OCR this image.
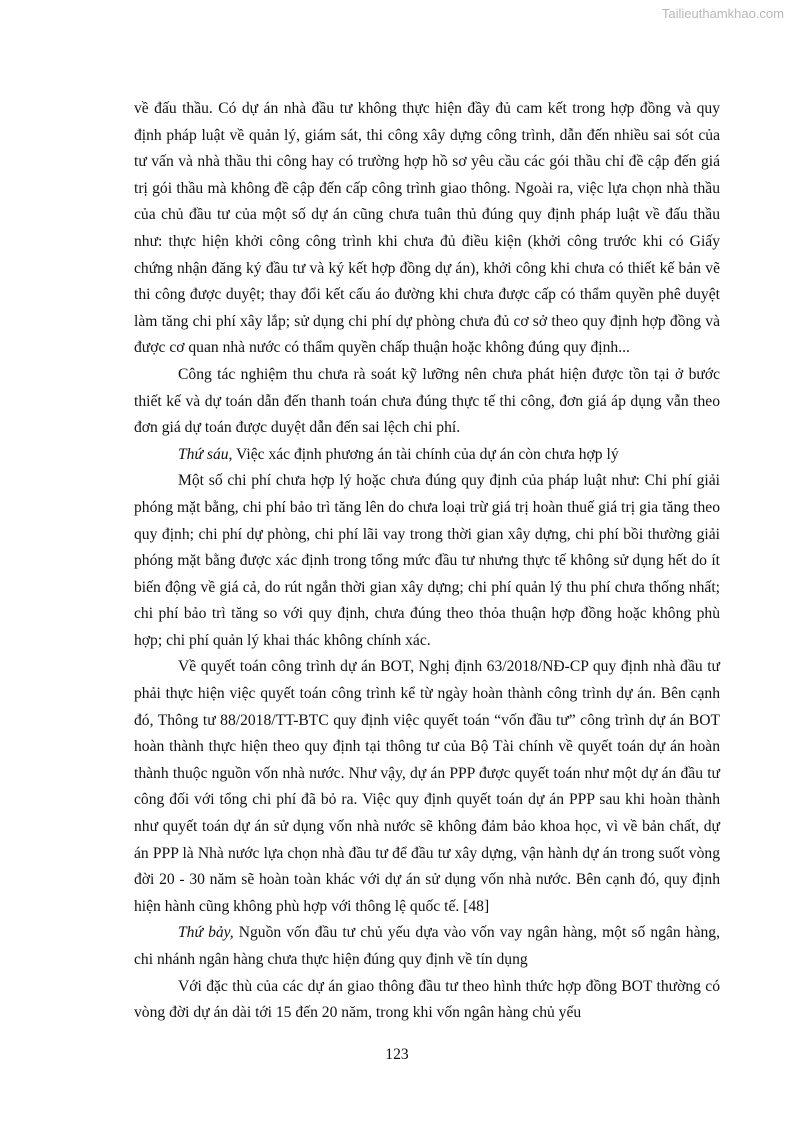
Tailieuthamkhao.com

về đấu thầu. Có dự án nhà đầu tư không thực hiện đầy đủ cam kết trong hợp đồng và quy định pháp luật về quản lý, giám sát, thi công xây dựng công trình, dẫn đến nhiều sai sót của tư vấn và nhà thầu thi công hay có trường hợp hồ sơ yêu cầu các gói thầu chỉ đề cập đến giá trị gói thầu mà không đề cập đến cấp công trình giao thông. Ngoài ra, việc lựa chọn nhà thầu của chủ đầu tư của một số dự án cũng chưa tuân thủ đúng quy định pháp luật về đấu thầu như: thực hiện khởi công công trình khi chưa đủ điều kiện (khởi công trước khi có Giấy chứng nhận đăng ký đầu tư và ký kết hợp đồng dự án), khởi công khi chưa có thiết kế bản vẽ thi công được duyệt; thay đổi kết cấu áo đường khi chưa được cấp có thẩm quyền phê duyệt làm tăng chi phí xây lắp; sử dụng chi phí dự phòng chưa đủ cơ sở theo quy định hợp đồng và được cơ quan nhà nước có thẩm quyền chấp thuận hoặc không đúng quy định...

Công tác nghiệm thu chưa rà soát kỹ lưỡng nên chưa phát hiện được tồn tại ở bước thiết kế và dự toán dẫn đến thanh toán chưa đúng thực tế thi công, đơn giá áp dụng vẫn theo đơn giá dự toán được duyệt dẫn đến sai lệch chi phí.

Thứ sáu, Việc xác định phương án tài chính của dự án còn chưa hợp lý

Một số chi phí chưa hợp lý hoặc chưa đúng quy định của pháp luật như: Chi phí giải phóng mặt bằng, chi phí bảo trì tăng lên do chưa loại trừ giá trị hoàn thuế giá trị gia tăng theo quy định; chi phí dự phòng, chi phí lãi vay trong thời gian xây dựng, chi phí bồi thường giải phóng mặt bằng được xác định trong tổng mức đầu tư nhưng thực tế không sử dụng hết do ít biến động về giá cả, do rút ngắn thời gian xây dựng; chi phí quản lý thu phí chưa thống nhất; chi phí bảo trì tăng so với quy định, chưa đúng theo thỏa thuận hợp đồng hoặc không phù hợp; chi phí quản lý khai thác không chính xác.

Về quyết toán công trình dự án BOT, Nghị định 63/2018/NĐ-CP quy định nhà đầu tư phải thực hiện việc quyết toán công trình kể từ ngày hoàn thành công trình dự án. Bên cạnh đó, Thông tư 88/2018/TT-BTC quy định việc quyết toán “vốn đầu tư” công trình dự án BOT hoàn thành thực hiện theo quy định tại thông tư của Bộ Tài chính về quyết toán dự án hoàn thành thuộc nguồn vốn nhà nước. Như vậy, dự án PPP được quyết toán như một dự án đầu tư công đối với tổng chi phí đã bỏ ra. Việc quy định quyết toán dự án PPP sau khi hoàn thành như quyết toán dự án sử dụng vốn nhà nước sẽ không đảm bảo khoa học, vì về bản chất, dự án PPP là Nhà nước lựa chọn nhà đầu tư để đầu tư xây dựng, vận hành dự án trong suốt vòng đời 20 - 30 năm sẽ hoàn toàn khác với dự án sử dụng vốn nhà nước. Bên cạnh đó, quy định hiện hành cũng không phù hợp với thông lệ quốc tế. [48]

Thứ bảy, Nguồn vốn đầu tư chủ yếu dựa vào vốn vay ngân hàng, một số ngân hàng, chi nhánh ngân hàng chưa thực hiện đúng quy định về tín dụng

Với đặc thù của các dự án giao thông đầu tư theo hình thức hợp đồng BOT thường có vòng đời dự án dài tới 15 đến 20 năm, trong khi vốn ngân hàng chủ yếu

123
